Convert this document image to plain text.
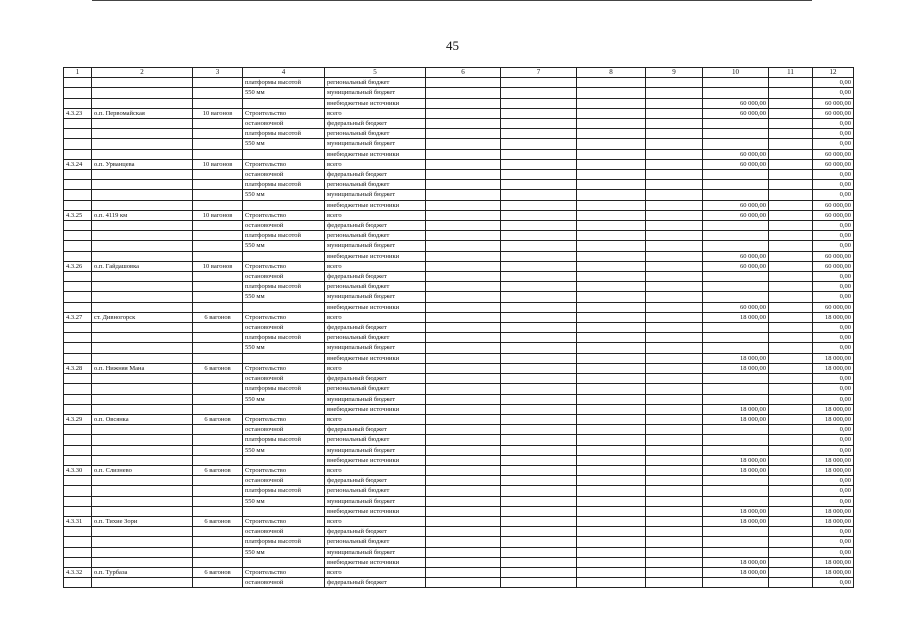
45
1	2	3	4	5	6	7	8	9	10	11	12
			платформы высотой	региональный бюджет							0,00
			550 мм	муниципальный бюджет							0,00
				внебюджетные источники					60 000,00		60 000,00
4.3.23	о.п. Первомайская	10 вагонов	Строительство	всего					60 000,00		60 000,00
			остановочной	федеральный бюджет							0,00
			платформы высотой	региональный бюджет							0,00
			550 мм	муниципальный бюджет							0,00
				внебюджетные источники					60 000,00		60 000,00
4.3.24	о.п. Урванцева	10 вагонов	Строительство	всего					60 000,00		60 000,00
			остановочной	федеральный бюджет							0,00
			платформы высотой	региональный бюджет							0,00
			550 мм	муниципальный бюджет							0,00
				внебюджетные источники					60 000,00		60 000,00
4.3.25	о.п. 4119 км	10 вагонов	Строительство	всего					60 000,00		60 000,00
			остановочной	федеральный бюджет							0,00
			платформы высотой	региональный бюджет							0,00
			550 мм	муниципальный бюджет							0,00
				внебюджетные источники					60 000,00		60 000,00
4.3.26	о.п. Гайдашовка	10 вагонов	Строительство	всего					60 000,00		60 000,00
			остановочной	федеральный бюджет							0,00
			платформы высотой	региональный бюджет							0,00
			550 мм	муниципальный бюджет							0,00
				внебюджетные источники					60 000,00		60 000,00
4.3.27	ст. Дивногорск	6 вагонов	Строительство	всего					18 000,00		18 000,00
			остановочной	федеральный бюджет							0,00
			платформы высотой	региональный бюджет							0,00
			550 мм	муниципальный бюджет							0,00
				внебюджетные источники					18 000,00		18 000,00
4.3.28	о.п. Нижняя Мана	6 вагонов	Строительство	всего					18 000,00		18 000,00
			остановочной	федеральный бюджет							0,00
			платформы высотой	региональный бюджет							0,00
			550 мм	муниципальный бюджет							0,00
				внебюджетные источники					18 000,00		18 000,00
4.3.29	о.п. Овсянка	6 вагонов	Строительство	всего					18 000,00		18 000,00
			остановочной	федеральный бюджет							0,00
			платформы высотой	региональный бюджет							0,00
			550 мм	муниципальный бюджет							0,00
				внебюджетные источники					18 000,00		18 000,00
4.3.30	о.п. Слизнево	6 вагонов	Строительство	всего					18 000,00		18 000,00
			остановочной	федеральный бюджет							0,00
			платформы высотой	региональный бюджет							0,00
			550 мм	муниципальный бюджет							0,00
				внебюджетные источники					18 000,00		18 000,00
4.3.31	о.п. Тихие Зори	6 вагонов	Строительство	всего					18 000,00		18 000,00
			остановочной	федеральный бюджет							0,00
			платформы высотой	региональный бюджет							0,00
			550 мм	муниципальный бюджет							0,00
				внебюджетные источники					18 000,00		18 000,00
4.3.32	о.п. Турбаза	6 вагонов	Строительство	всего					18 000,00		18 000,00
			остановочной	федеральный бюджет							0,00
